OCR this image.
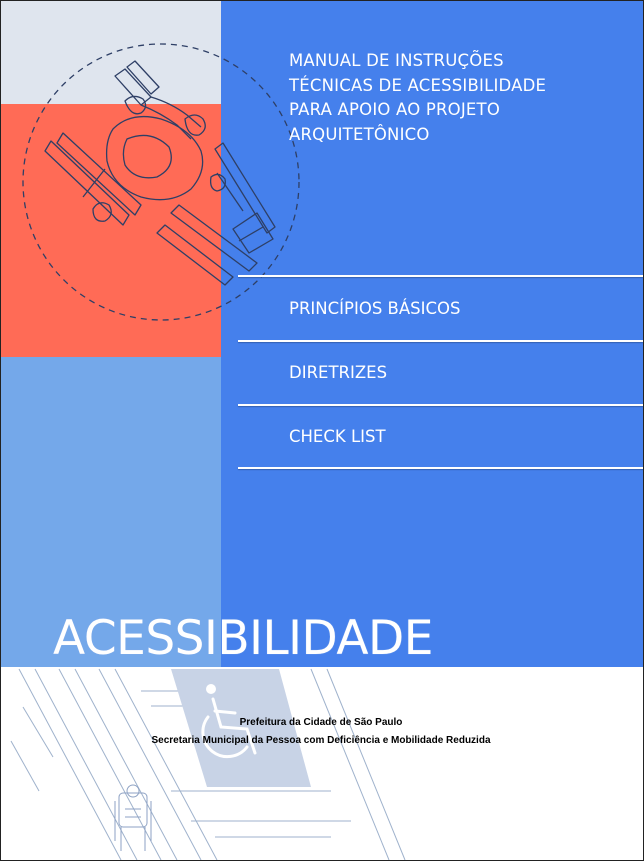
MANUAL DE INSTRUÇÕES
TÉCNICAS DE ACESSIBILIDADE
PARA APOIO AO PROJETO
ARQUITETÔNICO
PRINCÍPIOS BÁSICOS
DIRETRIZES
CHECK LIST
ACESSIBILIDADE
Prefeitura da Cidade de São Paulo
Secretaria Municipal da Pessoa com Deficiência e Mobilidade Reduzida
